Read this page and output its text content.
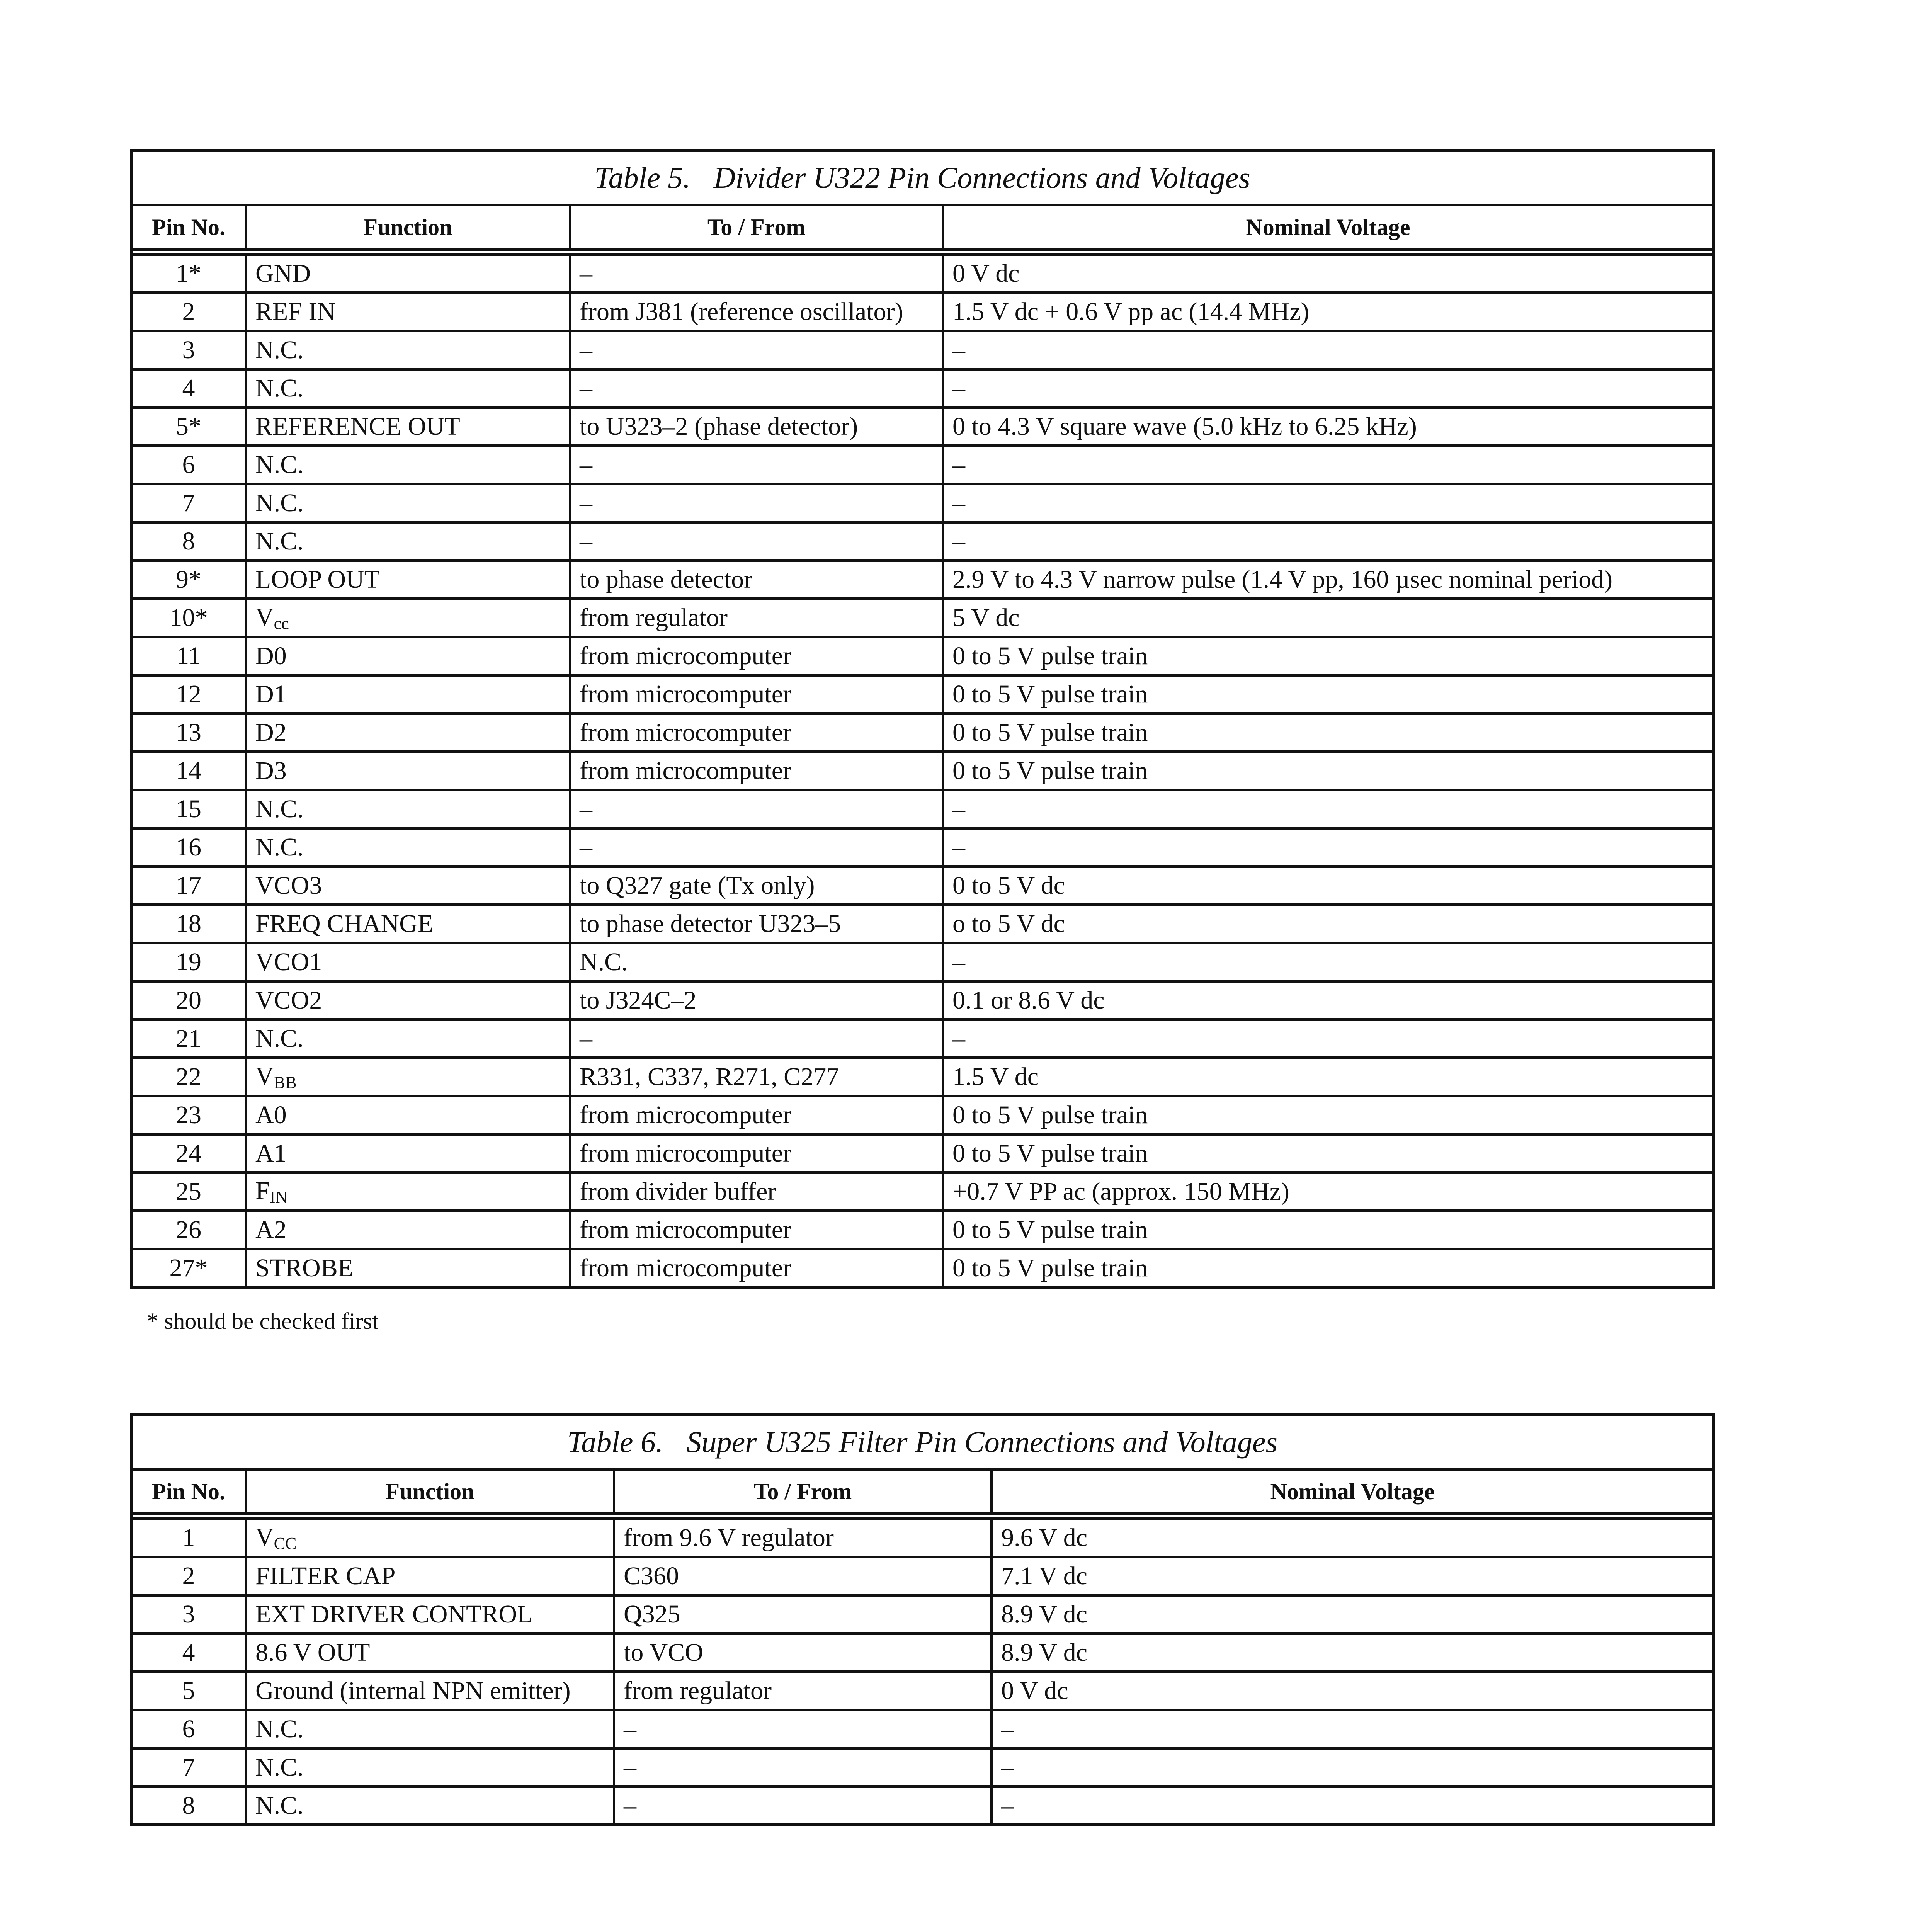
Table 5. Divider U322 Pin Connections and Voltages
Pin No.	Function	To / From	Nominal Voltage
1*	GND	–	0 V dc
2	REF IN	from J381 (reference oscillator)	1.5 V dc + 0.6 V pp ac (14.4 MHz)
3	N.C.	–	–
4	N.C.	–	–
5*	REFERENCE OUT	to U323–2 (phase detector)	0 to 4.3 V square wave (5.0 kHz to 6.25 kHz)
6	N.C.	–	–
7	N.C.	–	–
8	N.C.	–	–
9*	LOOP OUT	to phase detector	2.9 V to 4.3 V narrow pulse (1.4 V pp, 160 µsec nominal period)
10*	$V_{cc}$	from regulator	5 V dc
11	D0	from microcomputer	0 to 5 V pulse train
12	D1	from microcomputer	0 to 5 V pulse train
13	D2	from microcomputer	0 to 5 V pulse train
14	D3	from microcomputer	0 to 5 V pulse train
15	N.C.	–	–
16	N.C.	–	–
17	VCO3	to Q327 gate (Tx only)	0 to 5 V dc
18	FREQ CHANGE	to phase detector U323–5	o to 5 V dc
19	VCO1	N.C.	–
20	VCO2	to J324C–2	0.1 or 8.6 V dc
21	N.C.	–	–
22	$V_{BB}$	R331, C337, R271, C277	1.5 V dc
23	A0	from microcomputer	0 to 5 V pulse train
24	A1	from microcomputer	0 to 5 V pulse train
25	$F_{IN}$	from divider buffer	+0.7 V PP ac (approx. 150 MHz)
26	A2	from microcomputer	0 to 5 V pulse train
27*	STROBE	from microcomputer	0 to 5 V pulse train
* should be checked first
Table 6. Super U325 Filter Pin Connections and Voltages
Pin No.	Function	To / From	Nominal Voltage
1	$V_{CC}$	from 9.6 V regulator	9.6 V dc
2	FILTER CAP	C360	7.1 V dc
3	EXT DRIVER CONTROL	Q325	8.9 V dc
4	8.6 V OUT	to VCO	8.9 V dc
5	Ground (internal NPN emitter)	from regulator	0 V dc
6	N.C.	–	–
7	N.C.	–	–
8	N.C.	–	–
